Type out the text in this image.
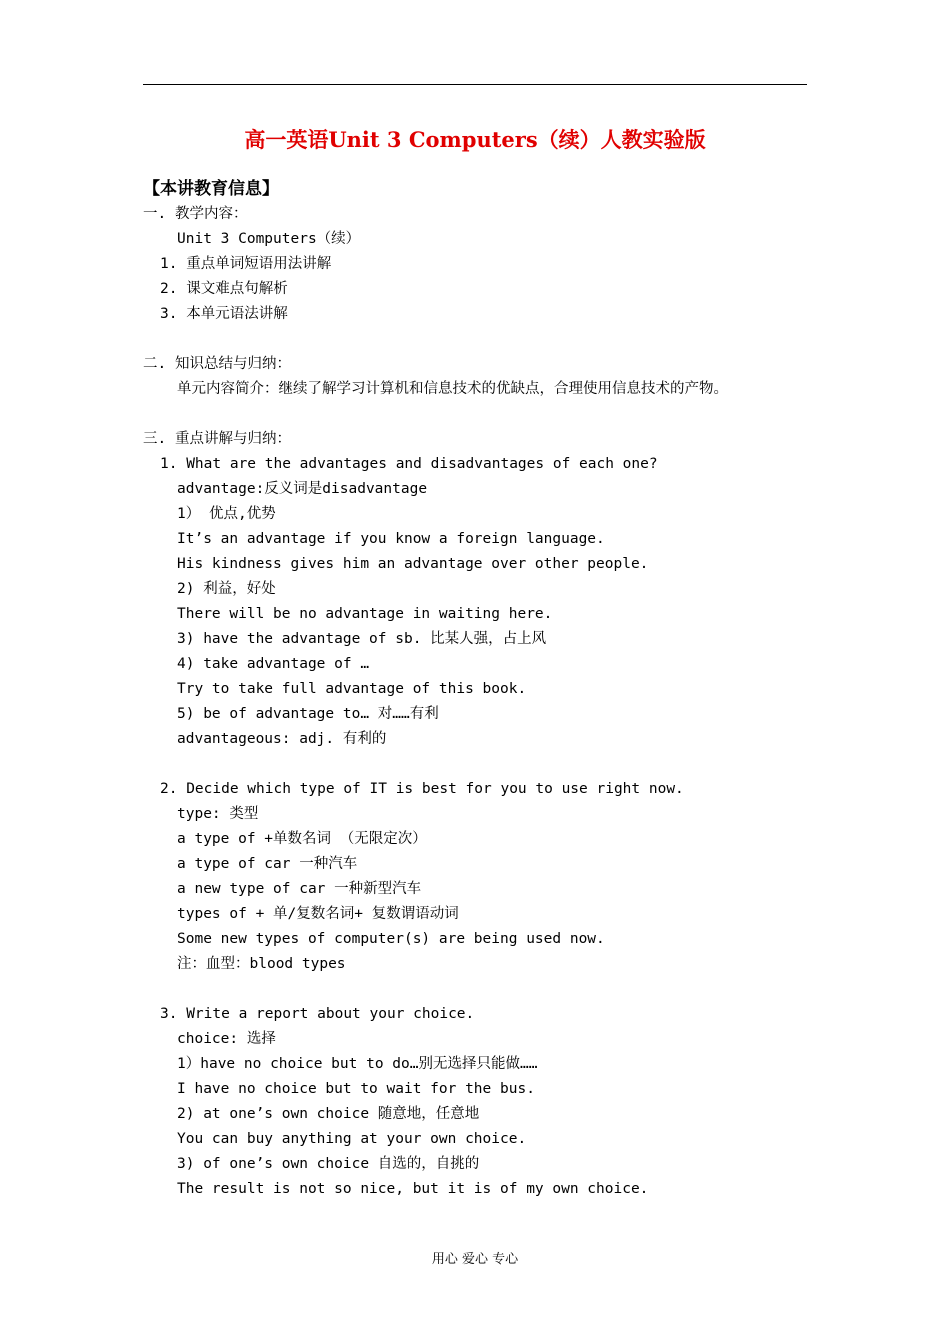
高一英语Unit 3 Computers（续）人教实验版
【本讲教育信息】
一. 教学内容：
Unit 3 Computers（续）
1. 重点单词短语用法讲解
2. 课文难点句解析
3. 本单元语法讲解
二. 知识总结与归纳：
单元内容简介：继续了解学习计算机和信息技术的优缺点，合理使用信息技术的产物。
三. 重点讲解与归纳：
1. What are the advantages and disadvantages of each one?
advantage:反义词是disadvantage
1） 优点,优势
It’s an advantage if you know a foreign language.
His kindness gives him an advantage over other people.
2) 利益，好处
There will be no advantage in waiting here.
3) have the advantage of sb. 比某人强，占上风
4) take advantage of …
Try to take full advantage of this book.
5) be of advantage to… 对……有利
advantageous: adj. 有利的
2. Decide which type of IT is best for you to use right now.
type: 类型
a type of +单数名词 （无限定次）
a type of car 一种汽车
a new type of car 一种新型汽车
types of + 单/复数名词+ 复数谓语动词
Some new types of computer(s) are being used now.
注：血型：blood types
3. Write a report about your choice.
choice: 选择
1）have no choice but to do…别无选择只能做……
I have no choice but to wait for the bus.
2) at one’s own choice 随意地，任意地
You can buy anything at your own choice.
3) of one’s own choice 自选的，自挑的
The result is not so nice, but it is of my own choice.
用心 爱心 专心
